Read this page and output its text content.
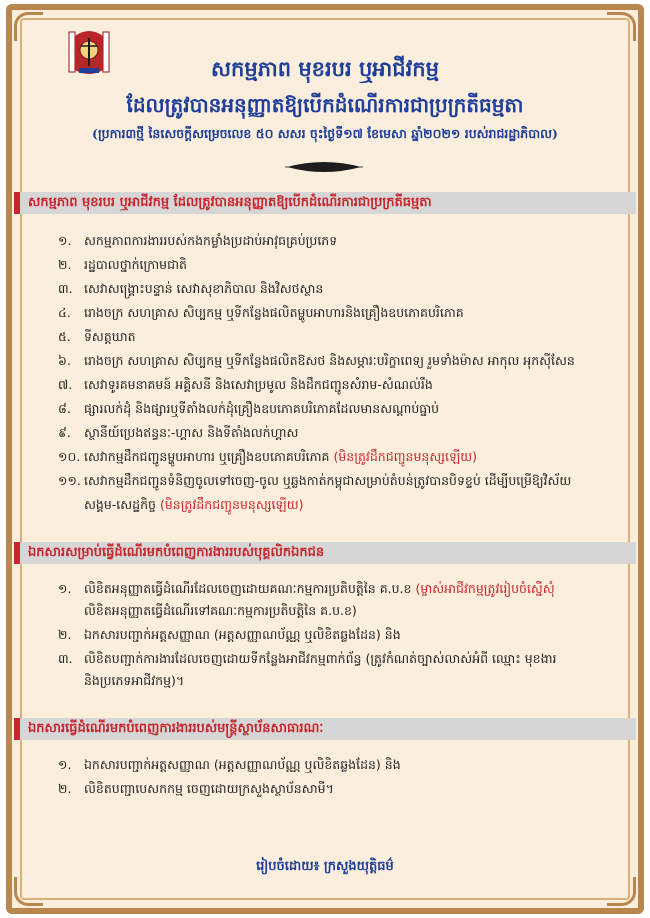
សកម្មភាព មុខរបរ ឬអាជីវកម្ម
ដែលត្រូវបានអនុញ្ញាតឱ្យបើកដំណើរការជាប្រក្រតីធម្មតា
(ប្រការ៣ថ្មី នៃសេចក្តីសម្រេចលេខ ៥០ សសរ ចុះថ្ងៃទី១៧ ខែមេសា ឆ្នាំ២០២១ របស់រាជរដ្ឋាភិបាល)
សកម្មភាព មុខរបរ ឬអាជីវកម្ម ដែលត្រូវបានអនុញ្ញាតឱ្យបើកដំណើរការជាប្រក្រតីធម្មតា
១. សកម្មភាពការងាររបស់កងកម្លាំងប្រដាប់អាវុធគ្រប់ប្រភេទ
២. រដ្ឋបាលថ្នាក់ក្រោមជាតិ
៣. សេវាសង្គ្រោះបន្ទាន់ សេវាសុខាភិបាល និងវិសថស្ថាន
៤. រោងចក្រ សហគ្រាស សិប្បកម្ម ឬទីកន្លែងផលិតម្ហូបអាហារនិងគ្រឿងឧបភោគបរិភោគ
៥. ទីសត្តឃាត
៦. រោងចក្រ សហគ្រាស សិប្បកម្ម ឬទីកន្លែងផលិតឱសថ និងសម្ភារៈបរិក្ខាពេទ្យ រួមទាំងម៉ាស អាកុល អុកស៊ីសែន
៧. សេវាទូរគមនាគមន៍ អគ្គិសនី និងសេវាប្រមូល និងដឹកជញ្ជូនសំរាម-សំណល់រឹង
៨. ផ្សារលក់ដុំ និងផ្សារឬទីតាំងលក់ដុំគ្រឿងឧបភោគបរិភោគដែលមានសណ្តាប់ធ្នាប់
៩. ស្ថានីយ៍ប្រេងឥន្ធនៈ-ហ្គាស និងទីតាំងលក់ហ្គាស
១០. សេវាកម្មដឹកជញ្ជូនម្ហូបអាហារ ឬគ្រឿងឧបភោគបរិភោគ (មិនត្រូវដឹកជញ្ជូនមនុស្សឡើយ)
១១. សេវាកម្មដឹកជញ្ជូនទំនិញចូលទៅចេញ-ចូល ឬឆ្លងកាត់កម្ពុជាសម្រាប់តំបន់ត្រូវបានបិទខ្ទប់ ដើម្បីបម្រើឱ្យវិស័យ
សង្គម-សេដ្ឋកិច្ច (មិនត្រូវដឹកជញ្ជូនមនុស្សឡើយ)
ឯកសារសម្រាប់ធ្វើដំណើរមកបំពេញការងាររបស់បុគ្គលិកឯកជន
១. លិខិតអនុញ្ញាតធ្វើដំណើរដែលចេញដោយគណៈកម្មការប្រតិបត្តិនៃ គ.ប.ខ (ម្ចាស់អាជីវកម្មត្រូវរៀបចំស្នើសុំ
លិខិតអនុញ្ញាតធ្វើដំណើរទៅគណៈកម្មការប្រតិបត្តិនៃ គ.ប.ខ)
២. ឯកសារបញ្ជាក់អត្តសញ្ញាណ (អត្តសញ្ញាណប័ណ្ណ ឬលិខិតឆ្លងដែន) និង
៣. លិខិតបញ្ជាក់ការងារដែលចេញដោយទីកន្លែងអាជីវកម្មពាក់ព័ន្ធ (ត្រូវកំណត់ច្បាស់លាស់អំពី ឈ្មោះ មុខងារ
និងប្រភេទអាជីវកម្ម)។
ឯកសារធ្វើដំណើរមកបំពេញការងាររបស់មន្ត្រីស្ថាប័នសាធារណៈ
១. ឯកសារបញ្ជាក់អត្តសញ្ញាណ (អត្តសញ្ញាណប័ណ្ណ ឬលិខិតឆ្លងដែន) និង
២. លិខិតបញ្ជាបេសកកម្ម ចេញដោយក្រសួងស្ថាប័នសាមី។
រៀបចំដោយ៖ ក្រសួងយុត្តិធម៌
